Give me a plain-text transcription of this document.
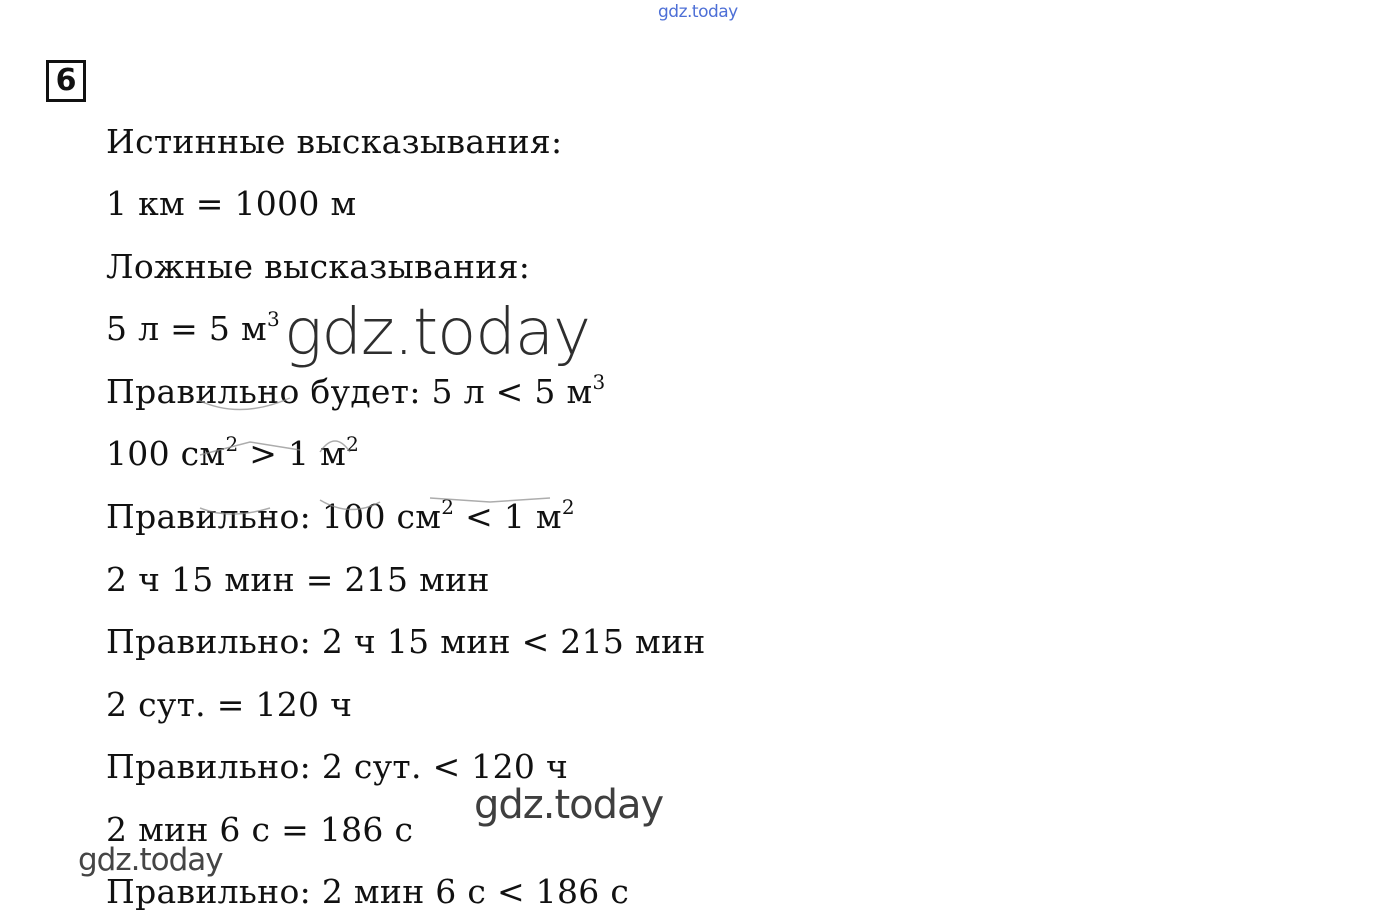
gdz.today
6
Истинные высказывания:
1 км = 1000 м
Ложные высказывания:
5 л = 5 $м^3$
Правильно будет: 5 л < 5 $м^3$
100 $см^2 > 1$ $м^2$
Правильно: 100 $см^2 < 1$ $м^2$
2 ч 15 мин = 215 мин
Правильно: 2 ч 15 мин < 215 мин
2 сут. = 120 ч
Правильно: 2 сут. < 120 ч
2 мин 6 с = 186 с
Правильно: 2 мин 6 с < 186 с
gdz.today
gdz.today
gdz.today
